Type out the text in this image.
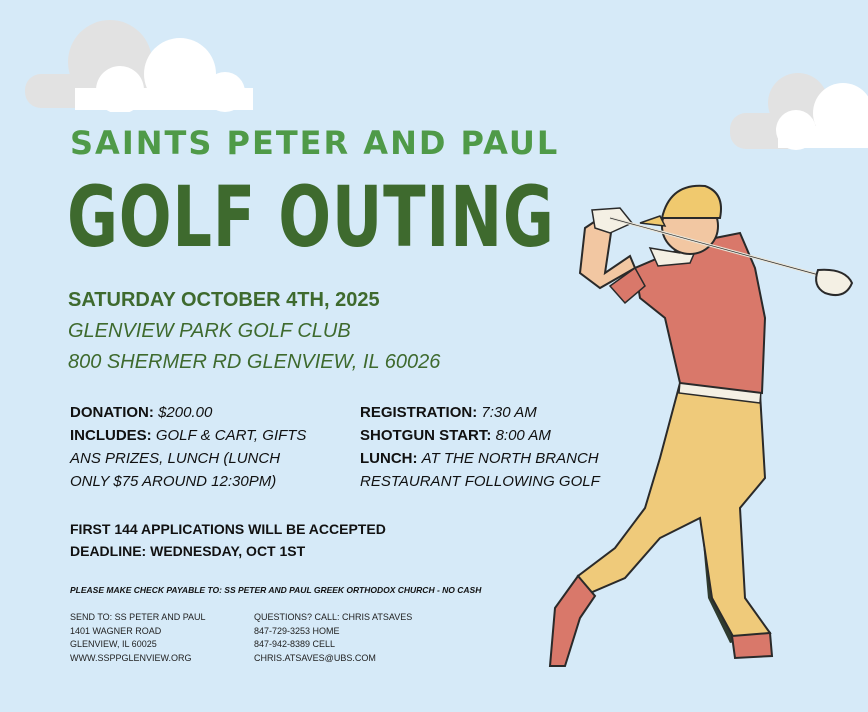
SAINTS PETER AND PAUL
GOLF OUTING
SATURDAY OCTOBER 4TH, 2025
GLENVIEW PARK GOLF CLUB
800 SHERMER RD GLENVIEW, IL 60026
DONATION: $200.00
INCLUDES: GOLF & CART, GIFTS
ANS PRIZES, LUNCH (LUNCH
ONLY $75 AROUND 12:30PM)
REGISTRATION: 7:30 AM
SHOTGUN START: 8:00 AM
LUNCH: AT THE NORTH BRANCH
RESTAURANT FOLLOWING GOLF
FIRST 144 APPLICATIONS WILL BE ACCEPTED
DEADLINE: WEDNESDAY, OCT 1ST
PLEASE MAKE CHECK PAYABLE TO: SS PETER AND PAUL GREEK ORTHODOX CHURCH - NO CASH
SEND TO: SS PETER AND PAUL
1401 WAGNER ROAD
GLENVIEW, IL 60025
WWW.SSPPGLENVIEW.ORG
QUESTIONS? CALL: CHRIS ATSAVES
847-729-3253 HOME
847-942-8389 CELL
CHRIS.ATSAVES@UBS.COM
